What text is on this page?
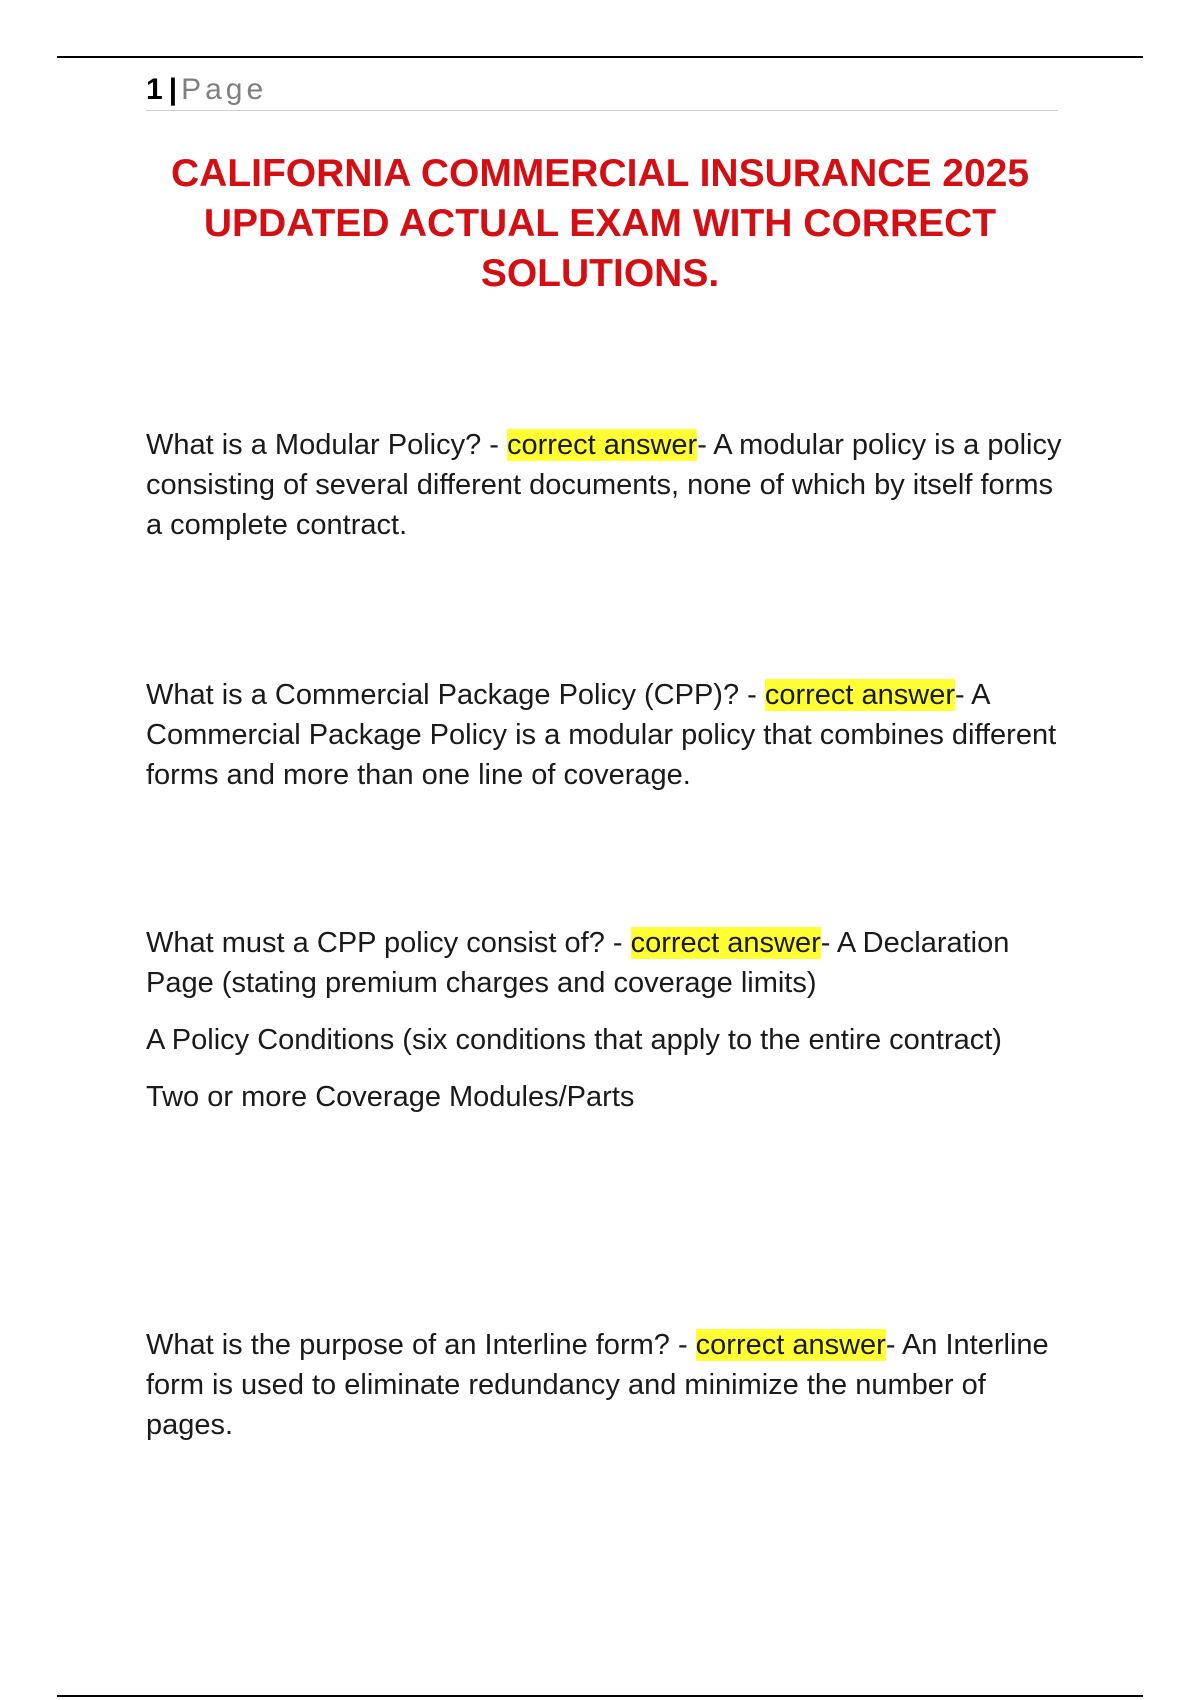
1 | Page
CALIFORNIA COMMERCIAL INSURANCE 2025 UPDATED ACTUAL EXAM WITH CORRECT SOLUTIONS.

What is a Modular Policy? - correct answer- A modular policy is a policy consisting of several different documents, none of which by itself forms a complete contract.

What is a Commercial Package Policy (CPP)? - correct answer- A Commercial Package Policy is a modular policy that combines different forms and more than one line of coverage.

What must a CPP policy consist of? - correct answer- A Declaration Page (stating premium charges and coverage limits)

A Policy Conditions (six conditions that apply to the entire contract)

Two or more Coverage Modules/Parts

What is the purpose of an Interline form? - correct answer- An Interline form is used to eliminate redundancy and minimize the number of pages.
